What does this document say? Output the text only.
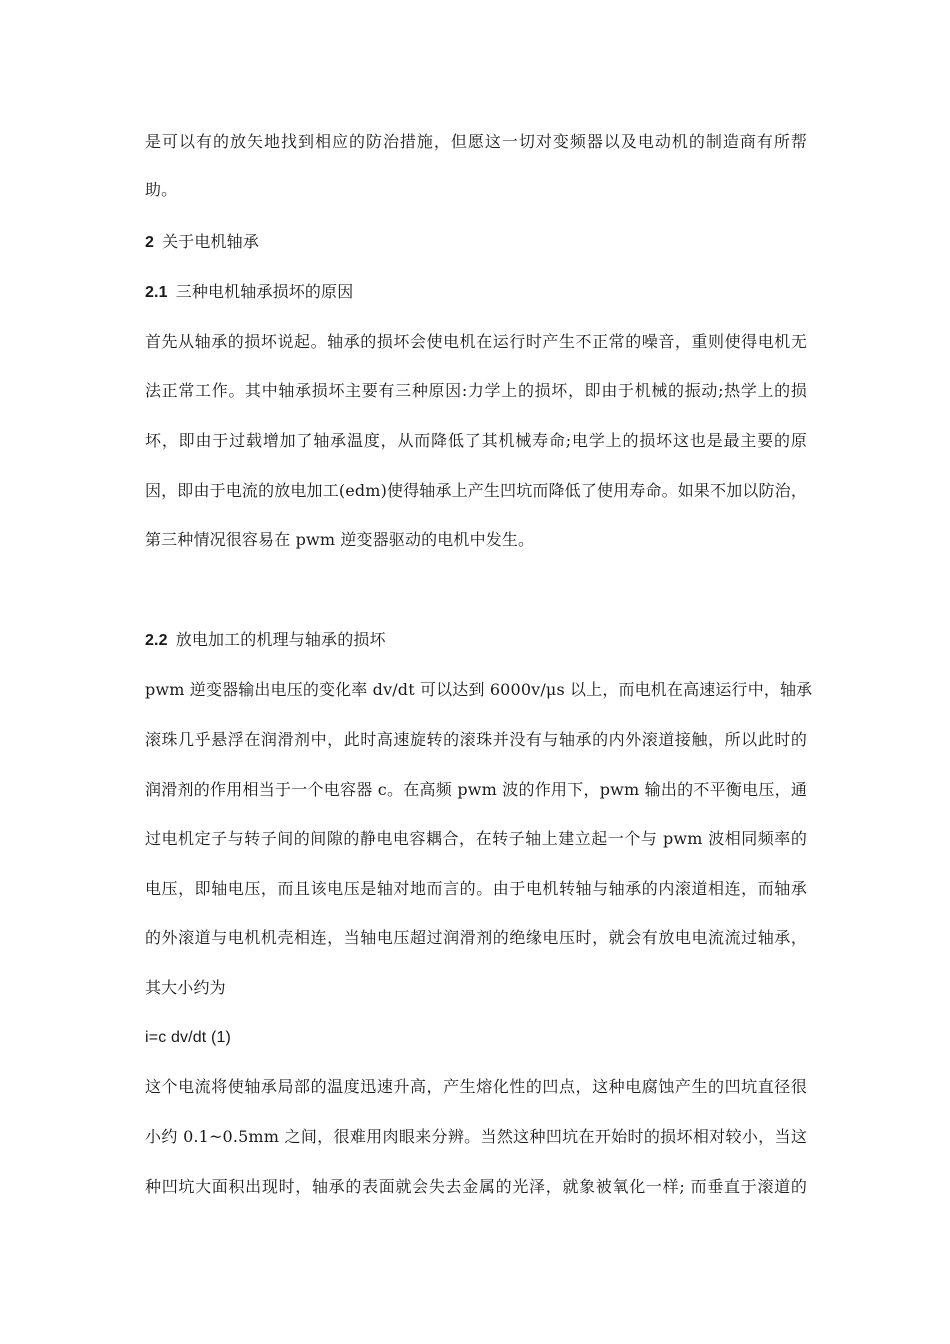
是可以有的放矢地找到相应的防治措施，但愿这一切对变频器以及电动机的制造商有所帮
助。
2 关于电机轴承
2.1 三种电机轴承损坏的原因
首先从轴承的损坏说起。轴承的损坏会使电机在运行时产生不正常的噪音，重则使得电机无
法正常工作。其中轴承损坏主要有三种原因:力学上的损坏，即由于机械的振动;热学上的损
坏，即由于过载增加了轴承温度，从而降低了其机械寿命;电学上的损坏这也是最主要的原
因，即由于电流的放电加工(edm)使得轴承上产生凹坑而降低了使用寿命。如果不加以防治，
第三种情况很容易在 pwm 逆变器驱动的电机中发生。
2.2 放电加工的机理与轴承的损坏
pwm 逆变器输出电压的变化率 dv/dt 可以达到 6000v/μs 以上，而电机在高速运行中，轴承
滚珠几乎悬浮在润滑剂中，此时高速旋转的滚珠并没有与轴承的内外滚道接触，所以此时的
润滑剂的作用相当于一个电容器 c。在高频 pwm 波的作用下，pwm 输出的不平衡电压，通
过电机定子与转子间的间隙的静电电容耦合，在转子轴上建立起一个与 pwm 波相同频率的
电压，即轴电压，而且该电压是轴对地而言的。由于电机转轴与轴承的内滚道相连，而轴承
的外滚道与电机机壳相连，当轴电压超过润滑剂的绝缘电压时，就会有放电电流流过轴承，
其大小约为
i=c dv/dt (1)
这个电流将使轴承局部的温度迅速升高，产生熔化性的凹点，这种电腐蚀产生的凹坑直径很
小约 0.1~0.5mm 之间，很难用肉眼来分辨。当然这种凹坑在开始时的损坏相对较小，当这
种凹坑大面积出现时，轴承的表面就会失去金属的光泽，就象被氧化一样; 而垂直于滚道的
